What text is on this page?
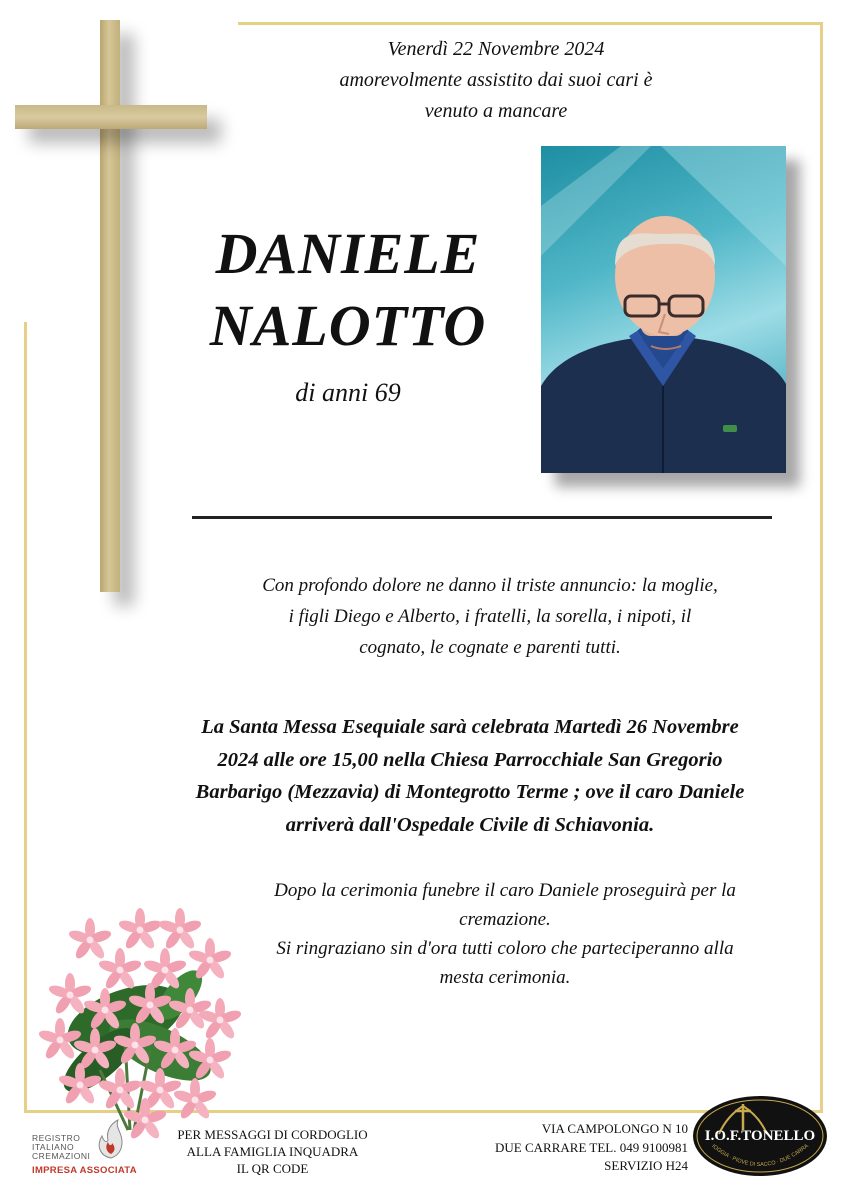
Venerdì 22 Novembre 2024
amorevolmente assistito dai suoi cari è
venuto a mancare
DANIELE
NALOTTO
di anni 69
Con profondo dolore ne danno il triste annuncio: la moglie,
i figli Diego e Alberto, i fratelli, la sorella, i nipoti, il
cognato, le cognate e parenti tutti.
La Santa Messa Esequiale sarà celebrata Martedì 26 Novembre
2024 alle ore 15,00 nella Chiesa Parrocchiale San Gregorio
Barbarigo (Mezzavia) di Montegrotto Terme ; ove il caro Daniele
arriverà dall'Ospedale Civile di Schiavonia.
Dopo la cerimonia funebre il caro Daniele proseguirà per la
cremazione.
Si ringraziano sin d'ora tutti coloro che parteciperanno alla
mesta cerimonia.
REGISTRO
ITALIANO
CREMAZIONI
IMPRESA ASSOCIATA
PER MESSAGGI DI CORDOGLIO
ALLA FAMIGLIA INQUADRA
IL QR CODE
VIA CAMPOLONGO N 10
DUE CARRARE TEL. 049 9100981
SERVIZIO H24
I.O.F.TONELLO
IOGGIA · PIOVE DI SACCO · DUE CARRA
